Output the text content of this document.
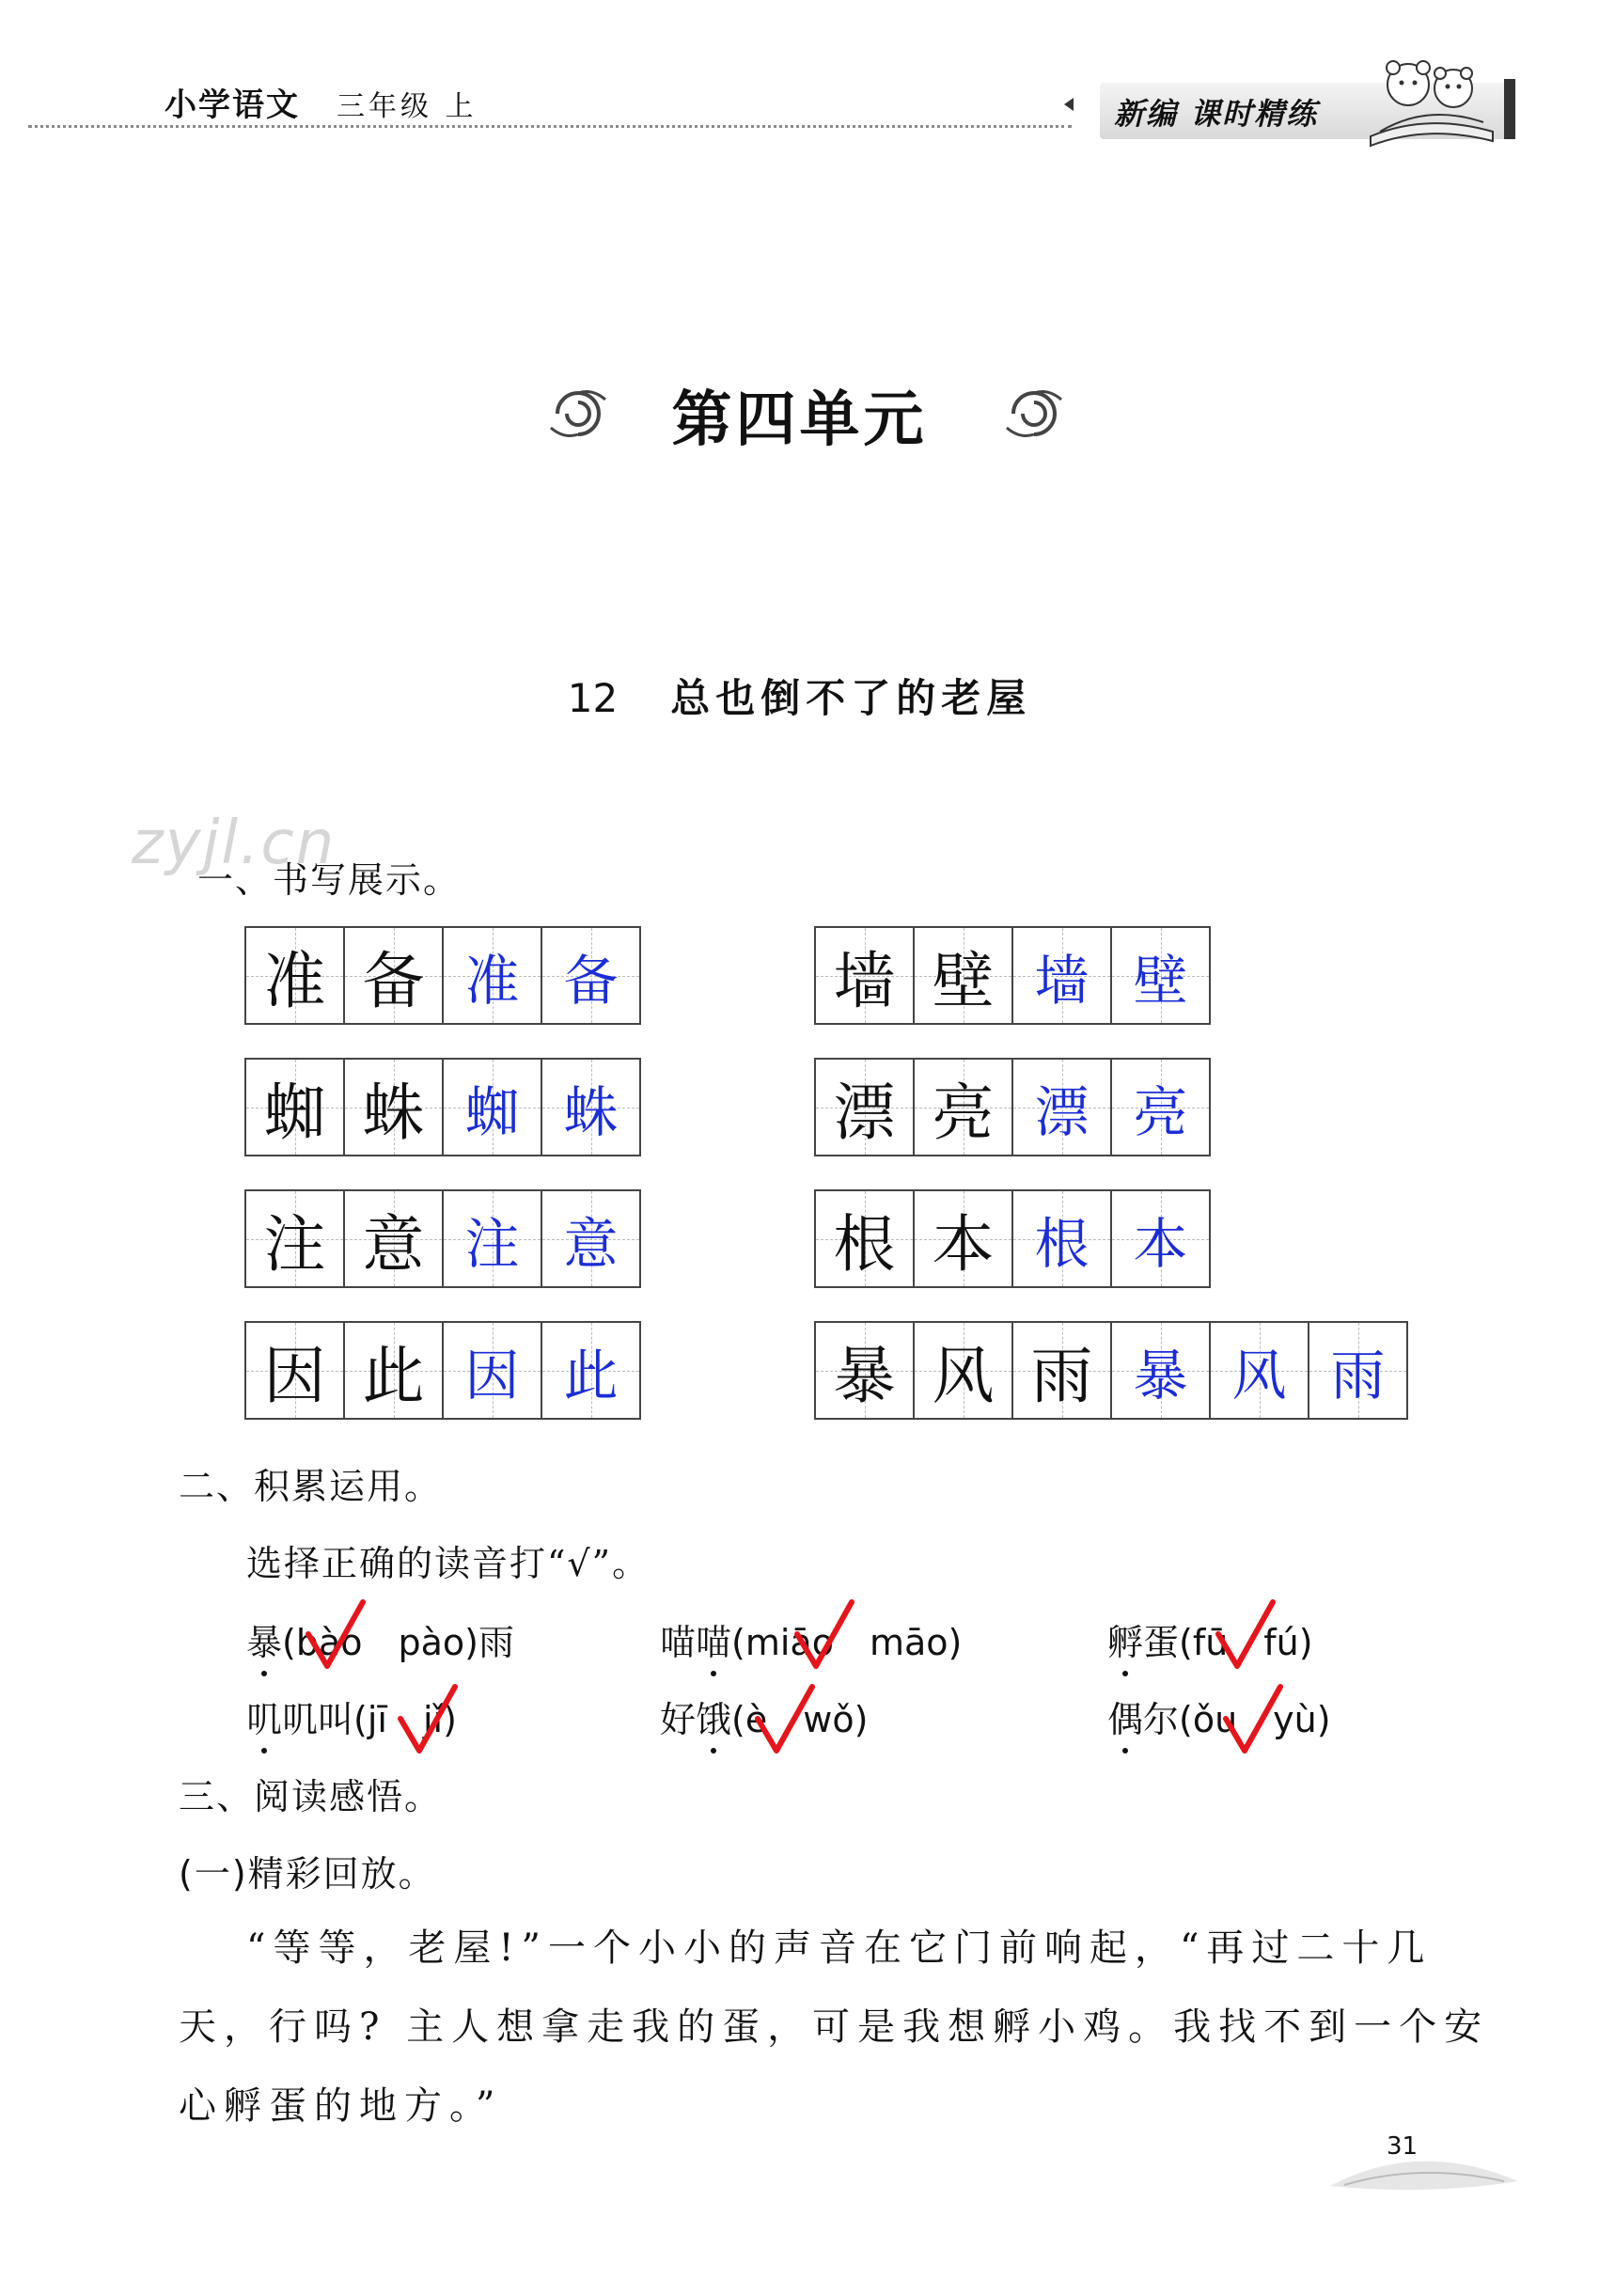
小学语文 三年级 上	新编 课时精练
第四单元
12 总也倒不了的老屋
zyjl.cn
一、书写展示。
准 备 准 备	墙 壁 墙 壁
蜘 蛛 蜘 蛛	漂 亮 漂 亮
注 意 注 意	根 本 根 本
因 此 因 此	暴 风 雨 暴 风 雨
二、积累运用。
选择正确的读音打“√”。
暴(bào　pào)雨	喵喵(miāo　māo)	孵蛋(fū　fú)
叽叽叫(jī　jǐ)	好饿(è　wǒ)	偶尔(ǒu　yù)
三、阅读感悟。
(一)精彩回放。
“等等，老屋!”一个小小的声音在它门前响起，“再过二十几
天，行吗? 主人想拿走我的蛋，可是我想孵小鸡。我找不到一个安
心孵蛋的地方。”
31
